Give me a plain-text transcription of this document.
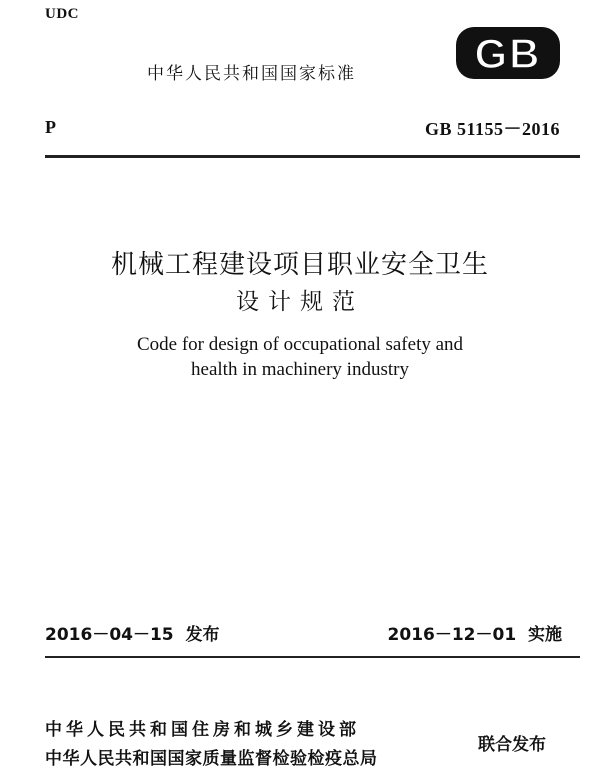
UDC
中华人民共和国国家标准	GB
P	GB 51155－2016
机械工程建设项目职业安全卫生
设计规范
Code for design of occupational safety and
health in machinery industry
2016－04－15  发布	2016－12－01  实施
中华人民共和国住房和城乡建设部
中华人民共和国国家质量监督检验检疫总局
联合发布
